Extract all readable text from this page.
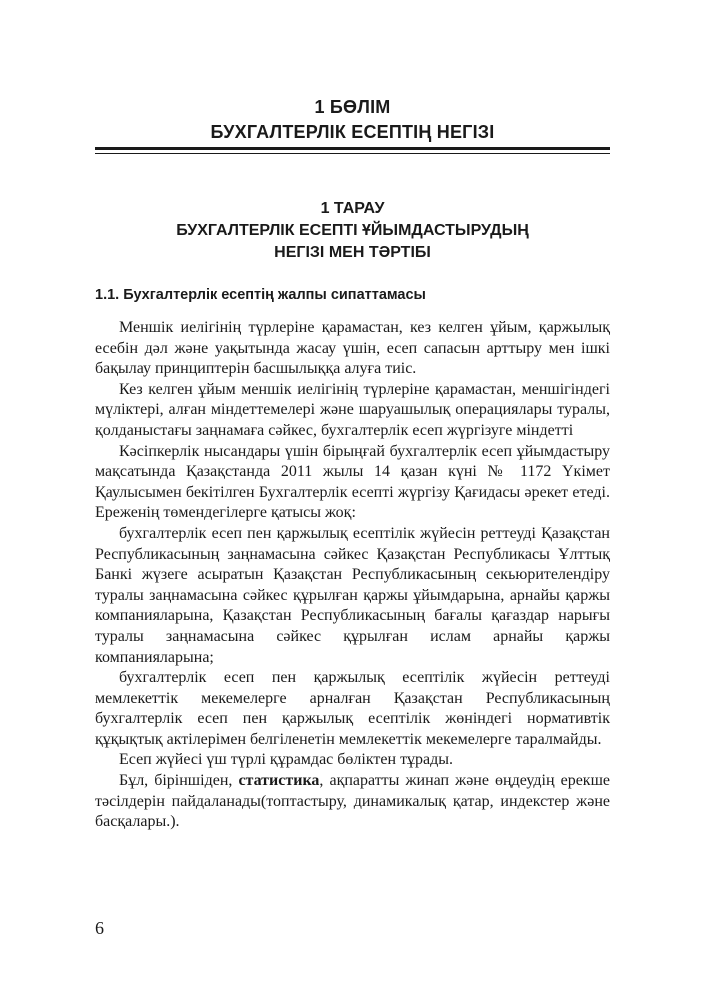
1 БӨЛІМ
БУХГАЛТЕРЛІК ЕСЕПТІҢ НЕГІЗІ
1 ТАРАУ
БУХГАЛТЕРЛІК ЕСЕПТІ ҰЙЫМДАСТЫРУДЫҢ
НЕГІЗІ МЕН ТӘРТІБІ
1.1. Бухгалтерлік есептің жалпы сипаттамасы

Меншік иелігінің түрлеріне қарамастан, кез келген ұйым, қаржылық есебін дәл және уақытында жасау үшін, есеп сапасын арттыру мен ішкі бақылау принциптерін басшылыққа алуға тиіс.

Кез келген ұйым меншік иелігінің түрлеріне қарамастан, меншігіндегі мүліктері, алған міндеттемелері және шаруашылық операциялары туралы, қолданыстағы заңнамаға сәйкес, бухгалтерлік есеп жүргізуге міндетті

Кәсіпкерлік нысандары үшін бірыңғай бухгалтерлік есеп ұйымдастыру мақсатында Қазақстанда 2011 жылы 14 қазан күні № 1172 Үкімет Қаулысымен бекітілген Бухгалтерлік есепті жүргізу Қағидасы әрекет етеді. Ереженің төмендегілерге қатысы жоқ:

бухгалтерлік есеп пен қаржылық есептілік жүйесін реттеуді Қазақстан Республикасының заңнамасына сәйкес Қазақстан Республикасы Ұлттық Банкі жүзеге асыратын Қазақстан Республикасының секьюрителендіру туралы заңнамасына сәйкес құрылған қаржы ұйымдарына, арнайы қаржы компанияларына, Қазақстан Республикасының бағалы қағаздар нарығы туралы заңнамасына сәйкес құрылған ислам арнайы қаржы компанияларына;

бухгалтерлік есеп пен қаржылық есептілік жүйесін реттеуді мемлекеттік мекемелерге арналған Қазақстан Республикасының бухгалтерлік есеп пен қаржылық есептілік жөніндегі нормативтік құқықтық актілерімен белгіленетін мемлекеттік мекемелерге таралмайды.

Есеп жүйесі үш түрлі құрамдас бөліктен тұрады.

Бұл, біріншіден, статистика, ақпаратты жинап және өңдеудің ерекше тәсілдерін пайдаланады(топтастыру, динамикалық қатар, индекстер және басқалары.).

6
